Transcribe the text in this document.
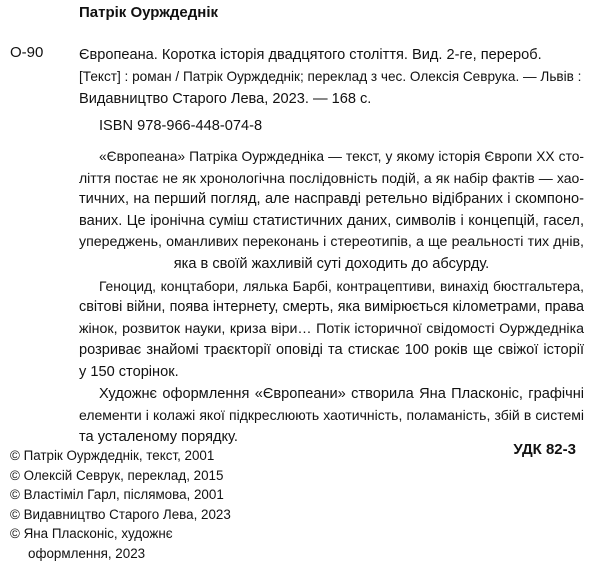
Патрік Оурждеднік
О-90 Європеана. Коротка історія двадцятого століття. Вид. 2-ге, перероб.
[Текст] : роман / Патрік Оурждеднік; переклад з чес. Олексія Севрука. — Львів :
Видавництво Старого Лева, 2023. — 168 с.
ISBN 978-966-448-074-8
«Європеана» Патріка Оурждедніка — текст, у якому історія Європи XX сто-
ліття постає не як хронологічна послідовність подій, а як набір фактів — хао-
тичних, на перший погляд, але насправді ретельно відібраних і скомпоно-
ваних. Це іронічна суміш статистичних даних, символів і концепцій, гасел,
упереджень, оманливих переконань і стереотипів, а ще реальності тих днів,
яка в своїй жахливій суті доходить до абсурду.
Геноцид, концтабори, лялька Барбі, контрацептиви, винахід бюстгальтера,
світові війни, поява інтернету, смерть, яка вимірюється кілометрами, права
жінок, розвиток науки, криза віри… Потік історичної свідомості Оурждедніка
розриває знайомі траєкторії оповіді та стискає 100 років ще свіжої історії
у 150 сторінок.
Художнє оформлення «Європеани» створила Яна Пласконіс, графічні
елементи і колажі якої підкреслюють хаотичність, поламаність, збій в системі
та усталеному порядку.
УДК 82-3
© Патрік Оурждеднік, текст, 2001
© Олексій Севрук, переклад, 2015
© Властіміл Гарл, післямова, 2001
© Видавництво Старого Лева, 2023
© Яна Пласконіс, художнє
оформлення, 2023
